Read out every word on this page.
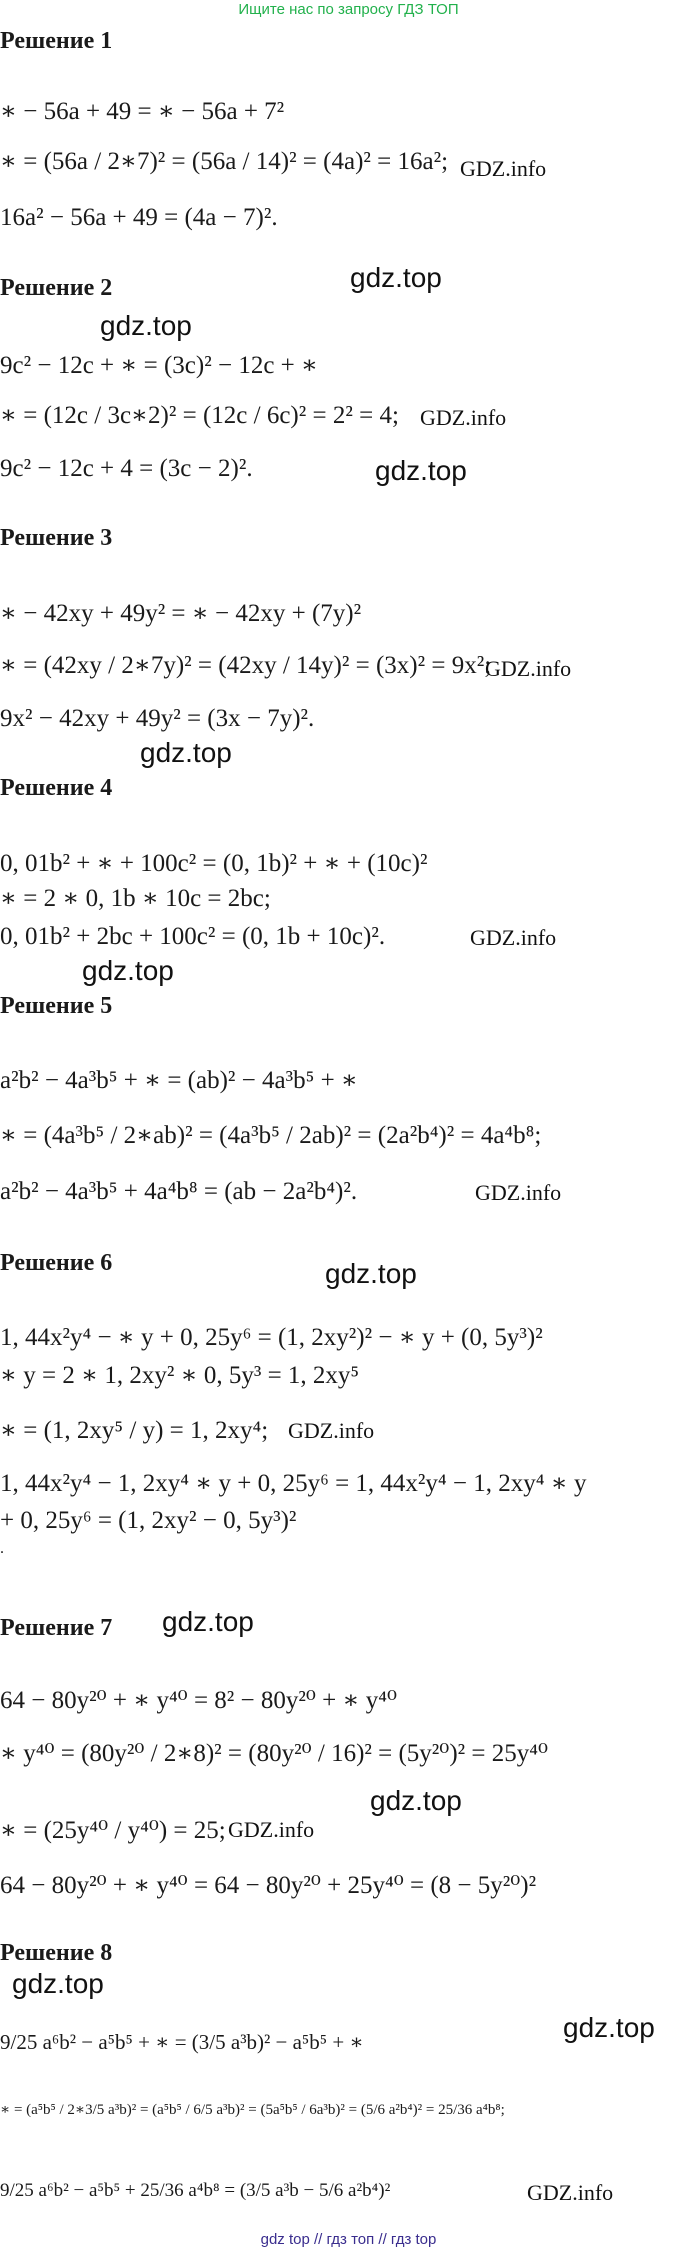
Ищите нас по запросу ГДЗ ТОП
Решение 1
∗ − 56a + 49 = ∗ − 56a + 7²
∗ = (56a / 2∗7)² = (56a / 14)² = (4a)² = 16a²; GDZ.info
16a² − 56a + 49 = (4a − 7)².
Решение 2	gdz.top
gdz.top
9c² − 12c + ∗ = (3c)² − 12c + ∗
∗ = (12c / 3c∗2)² = (12c / 6c)² = 2² = 4; GDZ.info
9c² − 12c + 4 = (3c − 2)².	gdz.top
Решение 3
∗ − 42xy + 49y² = ∗ − 42xy + (7y)²
∗ = (42xy / 2∗7y)² = (42xy / 14y)² = (3x)² = 9x²;
GDZ.info
9x² − 42xy + 49y² = (3x − 7y)².
gdz.top
Решение 4
0, 01b² + ∗ + 100c² = (0, 1b)² + ∗ + (10c)²
∗ = 2 ∗ 0, 1b ∗ 10c = 2bc;
0, 01b² + 2bc + 100c² = (0, 1b + 10c)².	GDZ.info
gdz.top
Решение 5
a²b² − 4a³b⁵ + ∗ = (ab)² − 4a³b⁵ + ∗
∗ = (4a³b⁵ / 2∗ab)² = (4a³b⁵ / 2ab)² = (2a²b⁴)² = 4a⁴b⁸;
a²b² − 4a³b⁵ + 4a⁴b⁸ = (ab − 2a²b⁴)².	GDZ.info
Решение 6	gdz.top
1, 44x²y⁴ − ∗ y + 0, 25y⁶ = (1, 2xy²)² − ∗ y + (0, 5y³)²
∗ y = 2 ∗ 1, 2xy² ∗ 0, 5y³ = 1, 2xy⁵
∗ = (1, 2xy⁵ / y) = 1, 2xy⁴; GDZ.info
1, 44x²y⁴ − 1, 2xy⁴ ∗ y + 0, 25y⁶ = 1, 44x²y⁴ − 1, 2xy⁴ ∗ y
+ 0, 25y⁶ = (1, 2xy² − 0, 5y³)²
.
Решение 7 gdz.top
64 − 80y²⁰ + ∗ y⁴⁰ = 8² − 80y²⁰ + ∗ y⁴⁰
∗ y⁴⁰ = (80y²⁰ / 2∗8)² = (80y²⁰ / 16)² = (5y²⁰)² = 25y⁴⁰
gdz.top
∗ = (25y⁴⁰ / y⁴⁰) = 25; GDZ.info
64 − 80y²⁰ + ∗ y⁴⁰ = 64 − 80y²⁰ + 25y⁴⁰ = (8 − 5y²⁰)²
Решение 8
gdz.top
gdz.top
9/25 a⁶b² − a⁵b⁵ + ∗ = (3/5 a³b)² − a⁵b⁵ + ∗
∗ = (a⁵b⁵ / 2∗3/5 a³b)² = (a⁵b⁵ / 6/5 a³b)² = (5a⁵b⁵ / 6a³b)² = (5/6 a²b⁴)² = 25/36 a⁴b⁸;
9/25 a⁶b² − a⁵b⁵ + 25/36 a⁴b⁸ = (3/5 a³b − 5/6 a²b⁴)²	GDZ.info
gdz top // гдз топ // гдз top
